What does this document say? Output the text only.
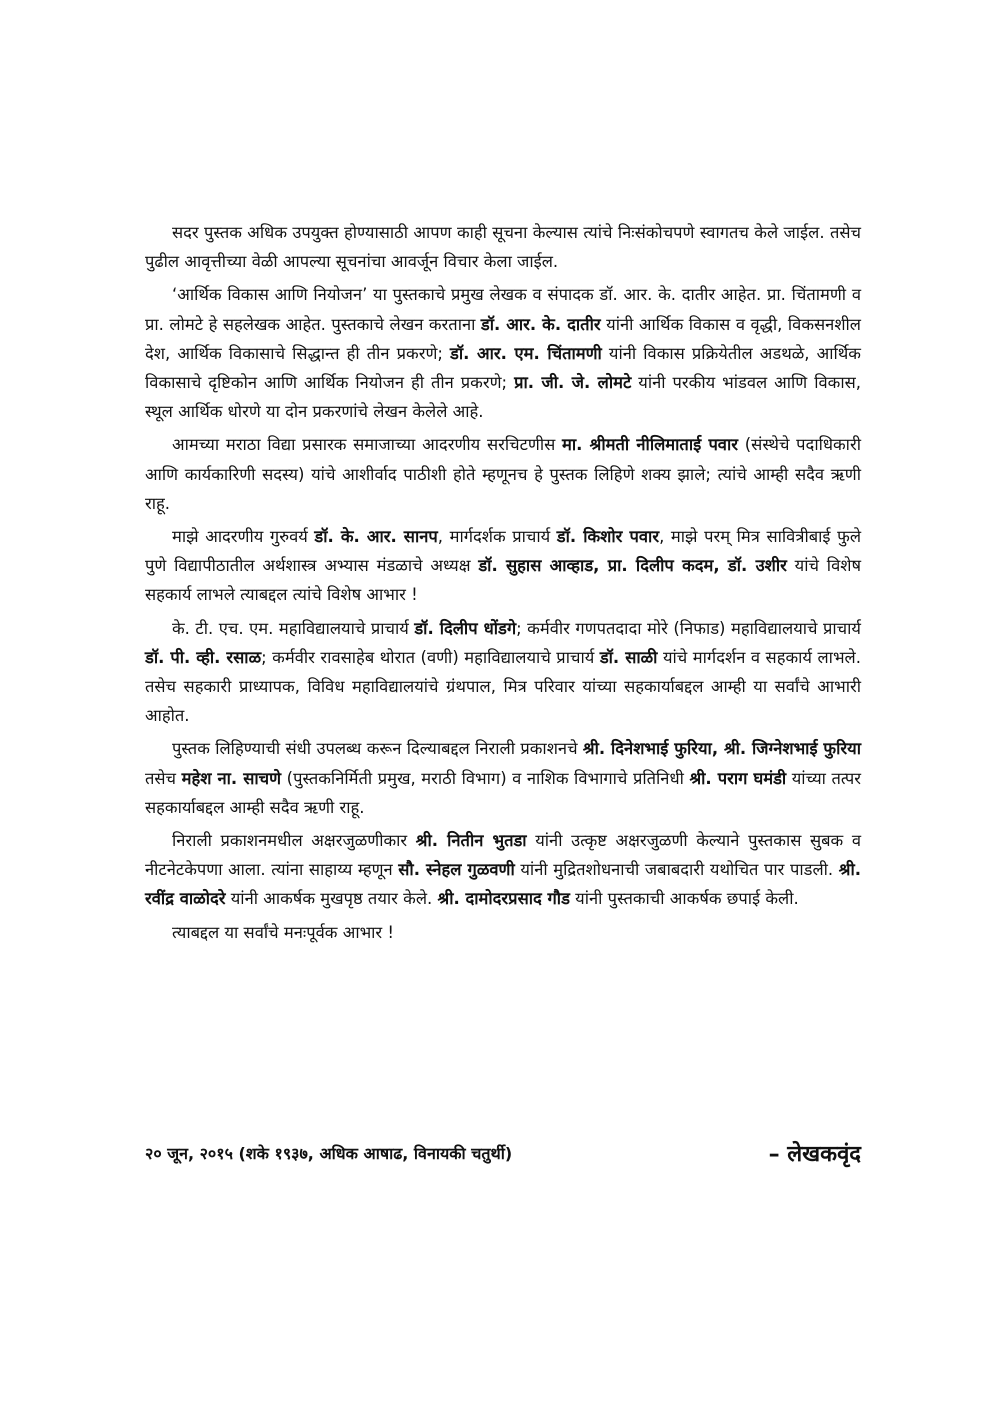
सदर पुस्तक अधिक उपयुक्त होण्यासाठी आपण काही सूचना केल्यास त्यांचे निःसंकोचपणे स्वागतच केले जाईल. तसेच पुढील आवृत्तीच्या वेळी आपल्या सूचनांचा आवर्जून विचार केला जाईल.

‘आर्थिक विकास आणि नियोजन’ या पुस्तकाचे प्रमुख लेखक व संपादक डॉ. आर. के. दातीर आहेत. प्रा. चिंतामणी व प्रा. लोमटे हे सहलेखक आहेत. पुस्तकाचे लेखन करताना डॉ. आर. के. दातीर यांनी आर्थिक विकास व वृद्धी, विकसनशील देश, आर्थिक विकासाचे सिद्धान्त ही तीन प्रकरणे; डॉ. आर. एम. चिंतामणी यांनी विकास प्रक्रियेतील अडथळे, आर्थिक विकासाचे दृष्टिकोन आणि आर्थिक नियोजन ही तीन प्रकरणे; प्रा. जी. जे. लोमटे यांनी परकीय भांडवल आणि विकास, स्थूल आर्थिक धोरणे या दोन प्रकरणांचे लेखन केलेले आहे.

आमच्या मराठा विद्या प्रसारक समाजाच्या आदरणीय सरचिटणीस मा. श्रीमती नीलिमाताई पवार (संस्थेचे पदाधिकारी आणि कार्यकारिणी सदस्य) यांचे आशीर्वाद पाठीशी होते म्हणूनच हे पुस्तक लिहिणे शक्य झाले; त्यांचे आम्ही सदैव ऋणी राहू.

माझे आदरणीय गुरुवर्य डॉ. के. आर. सानप, मार्गदर्शक प्राचार्य डॉ. किशोर पवार, माझे परम् मित्र सावित्रीबाई फुले पुणे विद्यापीठातील अर्थशास्त्र अभ्यास मंडळाचे अध्यक्ष डॉ. सुहास आव्हाड, प्रा. दिलीप कदम, डॉ. उशीर यांचे विशेष सहकार्य लाभले त्याबद्दल त्यांचे विशेष आभार !

के. टी. एच. एम. महाविद्यालयाचे प्राचार्य डॉ. दिलीप धोंडगे; कर्मवीर गणपतदादा मोरे (निफाड) महाविद्यालयाचे प्राचार्य डॉ. पी. व्ही. रसाळ; कर्मवीर रावसाहेब थोरात (वणी) महाविद्यालयाचे प्राचार्य डॉ. साळी यांचे मार्गदर्शन व सहकार्य लाभले. तसेच सहकारी प्राध्यापक, विविध महाविद्यालयांचे ग्रंथपाल, मित्र परिवार यांच्या सहकार्याबद्दल आम्ही या सर्वांचे आभारी आहोत.

पुस्तक लिहिण्याची संधी उपलब्ध करून दिल्याबद्दल निराली प्रकाशनचे श्री. दिनेशभाई फुरिया, श्री. जिग्नेशभाई फुरिया तसेच महेश ना. साचणे (पुस्तकनिर्मिती प्रमुख, मराठी विभाग) व नाशिक विभागाचे प्रतिनिधी श्री. पराग घमंडी यांच्या तत्पर सहकार्याबद्दल आम्ही सदैव ऋणी राहू.

निराली प्रकाशनमधील अक्षरजुळणीकार श्री. नितीन भुतडा यांनी उत्कृष्ट अक्षरजुळणी केल्याने पुस्तकास सुबक व नीटनेटकेपणा आला. त्यांना साहाय्य म्हणून सौ. स्नेहल गुळवणी यांनी मुद्रितशोधनाची जबाबदारी यथोचित पार पाडली. श्री. रवींद्र वाळोदरे यांनी आकर्षक मुखपृष्ठ तयार केले. श्री. दामोदरप्रसाद गौड यांनी पुस्तकाची आकर्षक छपाई केली.

त्याबद्दल या सर्वांचे मनःपूर्वक आभार !

२० जून, २०१५ (शके १९३७, अधिक आषाढ, विनायकी चतुर्थी)	– लेखकवृंद
